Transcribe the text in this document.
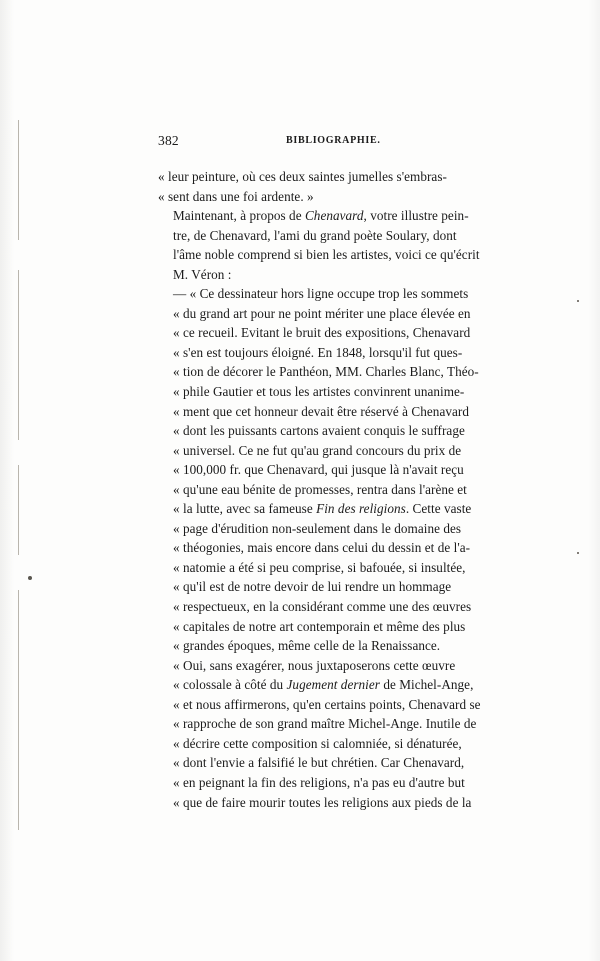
382	BIBLIOGRAPHIE.

« leur peinture, où ces deux saintes jumelles s'embras-
« sent dans une foi ardente. »

Maintenant, à propos de Chenavard, votre illustre pein-
tre, de Chenavard, l'ami du grand poète Soulary, dont
l'âme noble comprend si bien les artistes, voici ce qu'écrit
M. Véron :

— « Ce dessinateur hors ligne occupe trop les sommets
« du grand art pour ne point mériter une place élevée en
« ce recueil. Evitant le bruit des expositions, Chenavard
« s'en est toujours éloigné. En 1848, lorsqu'il fut ques-
« tion de décorer le Panthéon, MM. Charles Blanc, Théo-
« phile Gautier et tous les artistes convinrent unanime-
« ment que cet honneur devait être réservé à Chenavard
« dont les puissants cartons avaient conquis le suffrage
« universel. Ce ne fut qu'au grand concours du prix de
« 100,000 fr. que Chenavard, qui jusque là n'avait reçu
« qu'une eau bénite de promesses, rentra dans l'arène et
« la lutte, avec sa fameuse Fin des religions. Cette vaste
« page d'érudition non-seulement dans le domaine des
« théogonies, mais encore dans celui du dessin et de l'a-
« natomie a été si peu comprise, si bafouée, si insultée,
« qu'il est de notre devoir de lui rendre un hommage
« respectueux, en la considérant comme une des œuvres
« capitales de notre art contemporain et même des plus
« grandes époques, même celle de la Renaissance.

« Oui, sans exagérer, nous juxtaposerons cette œuvre
« colossale à côté du Jugement dernier de Michel-Ange,
« et nous affirmerons, qu'en certains points, Chenavard se
« rapproche de son grand maître Michel-Ange. Inutile de
« décrire cette composition si calomniée, si dénaturée,
« dont l'envie a falsifié le but chrétien. Car Chenavard,
« en peignant la fin des religions, n'a pas eu d'autre but
« que de faire mourir toutes les religions aux pieds de la
